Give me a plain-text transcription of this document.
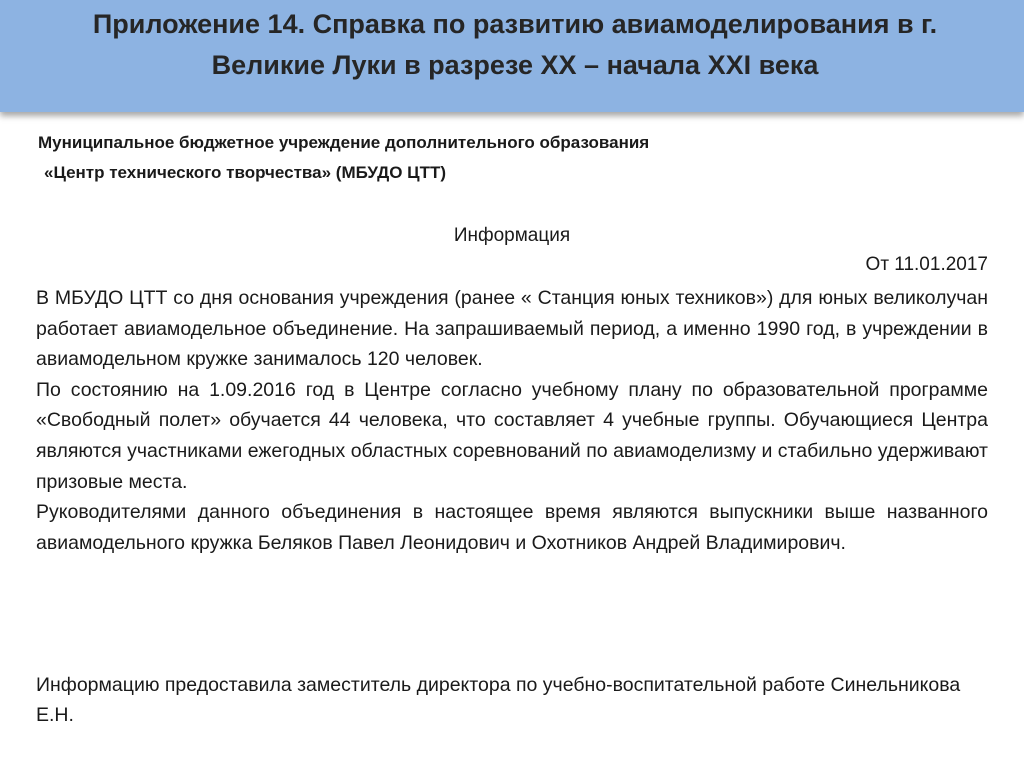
Приложение 14. Справка по развитию авиамоделирования в г.
Великие Луки в разрезе ХХ – начала XXI века
Муниципальное бюджетное учреждение дополнительного образования
«Центр технического творчества» (МБУДО ЦТТ)
Информация
От 11.01.2017

В МБУДО ЦТТ со дня основания учреждения (ранее « Станция юных техников») для юных великолучан работает авиамодельное объединение. На запрашиваемый период, а именно 1990 год, в учреждении в авиамодельном кружке занималось 120 человек.

По состоянию на 1.09.2016 год в Центре согласно учебному плану по образовательной программе «Свободный полет» обучается 44 человека, что составляет 4 учебные группы. Обучающиеся Центра являются участниками ежегодных областных соревнований по авиамоделизму и стабильно удерживают призовые места.

Руководителями данного объединения в настоящее время являются выпускники выше названного авиамодельного кружка Беляков Павел Леонидович и Охотников Андрей Владимирович.

Информацию предоставила заместитель директора по учебно-воспитательной работе Синельникова Е.Н.
